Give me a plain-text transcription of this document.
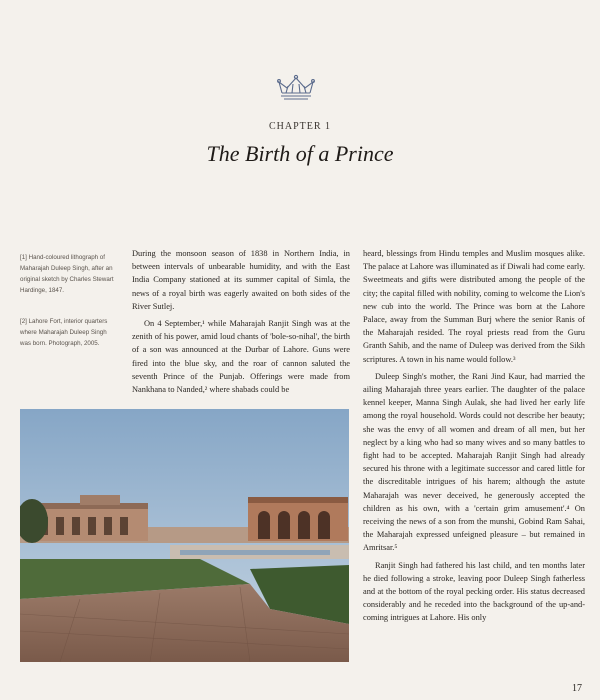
CHAPTER 1
The Birth of a Prince

[1] Hand-coloured lithograph of Maharajah Duleep Singh, after an original sketch by Charles Stewart Hardinge, 1847.

[2] Lahore Fort, interior quarters where Maharajah Duleep Singh was born. Photograph, 2005.

During the monsoon season of 1838 in Northern India, in between intervals of unbearable humidity, and with the East India Company stationed at its summer capital of Simla, the news of a royal birth was eagerly awaited on both sides of the River Sutlej.

On 4 September,¹ while Maharajah Ranjit Singh was at the zenith of his power, amid loud chants of 'bole-so-nihal', the birth of a son was announced at the Durbar of Lahore. Guns were fired into the blue sky, and the roar of cannon saluted the seventh Prince of the Punjab. Offerings were made from Nankhana to Nanded,² where shabads could be

heard, blessings from Hindu temples and Muslim mosques alike. The palace at Lahore was illuminated as if Diwali had come early. Sweetmeats and gifts were distributed among the people of the city; the capital filled with nobility, coming to welcome the Lion's new cub into the world. The Prince was born at the Lahore Palace, away from the Summan Burj where the senior Ranis of the Maharajah resided. The royal priests read from the Guru Granth Sahib, and the name of Duleep was derived from the Sikh scriptures. A town in his name would follow.³

Duleep Singh's mother, the Rani Jind Kaur, had married the ailing Maharajah three years earlier. The daughter of the palace kennel keeper, Manna Singh Aulak, she had lived her early life among the royal household. Words could not describe her beauty; she was the envy of all women and dream of all men, but her neglect by a king who had so many wives and so many battles to fight had to be accepted. Maharajah Ranjit Singh had already secured his throne with a legitimate successor and cared little for the discreditable intrigues of his harem; although the astute Maharajah was never deceived, he generously accepted the children as his own, with a 'certain grim amusement'.⁴ On receiving the news of a son from the munshi, Gobind Ram Sahai, the Maharajah expressed unfeigned pleasure – but remained in Amritsar.⁵

Ranjit Singh had fathered his last child, and ten months later he died following a stroke, leaving poor Duleep Singh fatherless and at the bottom of the royal pecking order. His status decreased considerably and he receded into the background of the up-and-coming intrigues at Lahore. His only

17
